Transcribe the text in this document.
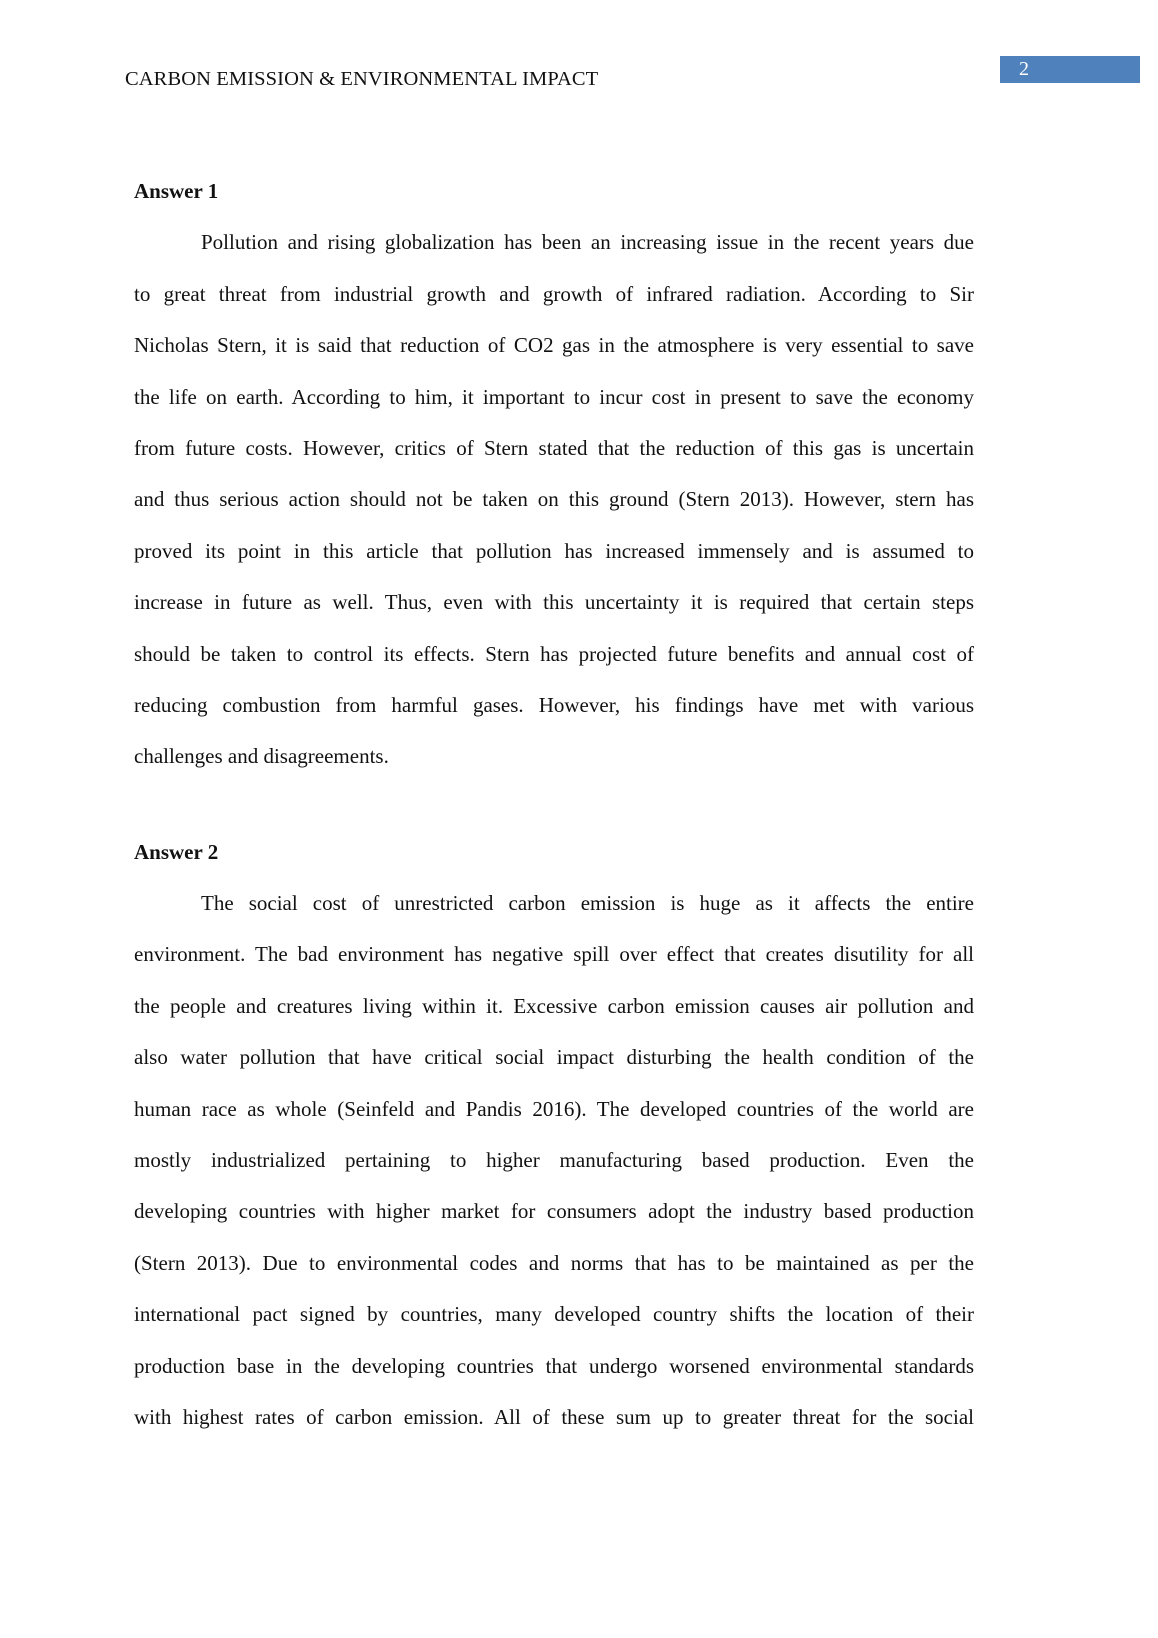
CARBON EMISSION & ENVIRONMENTAL IMPACT	2
Answer 1
Pollution and rising globalization has been an increasing issue in the recent years due
to great threat from industrial growth and growth of infrared radiation. According to Sir
Nicholas Stern, it is said that reduction of CO2 gas in the atmosphere is very essential to save
the life on earth. According to him, it important to incur cost in present to save the economy
from future costs. However, critics of Stern stated that the reduction of this gas is uncertain
and thus serious action should not be taken on this ground (Stern 2013). However, stern has
proved its point in this article that pollution has increased immensely and is assumed to
increase in future as well. Thus, even with this uncertainty it is required that certain steps
should be taken to control its effects. Stern has projected future benefits and annual cost of
reducing combustion from harmful gases. However, his findings have met with various
challenges and disagreements.
Answer 2
The social cost of unrestricted carbon emission is huge as it affects the entire
environment. The bad environment has negative spill over effect that creates disutility for all
the people and creatures living within it. Excessive carbon emission causes air pollution and
also water pollution that have critical social impact disturbing the health condition of the
human race as whole (Seinfeld and Pandis 2016). The developed countries of the world are
mostly industrialized pertaining to higher manufacturing based production. Even the
developing countries with higher market for consumers adopt the industry based production
(Stern 2013). Due to environmental codes and norms that has to be maintained as per the
international pact signed by countries, many developed country shifts the location of their
production base in the developing countries that undergo worsened environmental standards
with highest rates of carbon emission. All of these sum up to greater threat for the social
